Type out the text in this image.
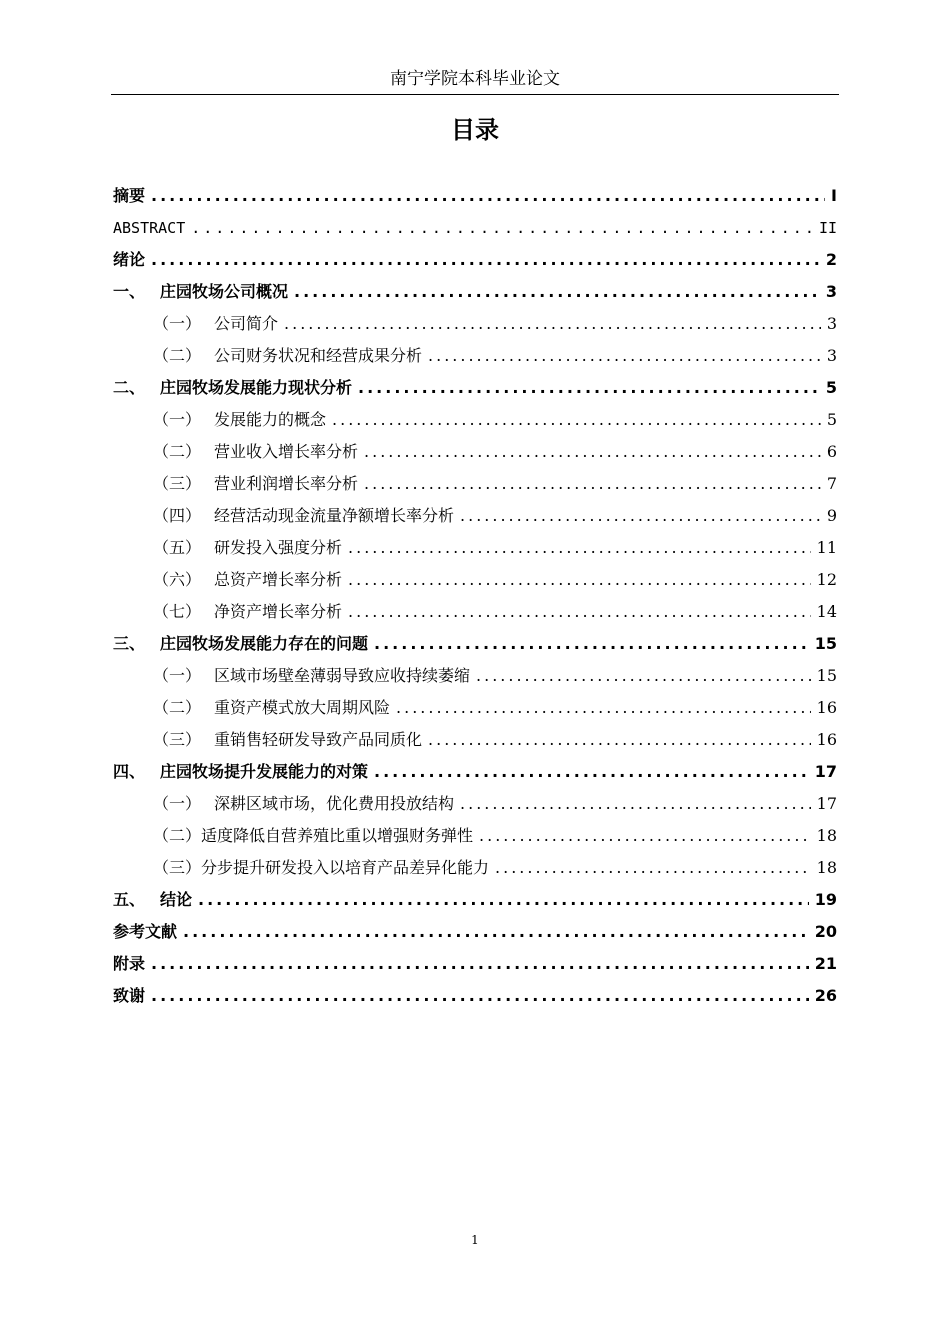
南宁学院本科毕业论文
目录
摘要 .....	I
ABSTRACT .....	II
绪论 .....	2
一、 庄园牧场公司概况 .....	3
（一） 公司简介 .....	3
（二） 公司财务状况和经营成果分析 .....	3
二、 庄园牧场发展能力现状分析 .....	5
（一） 发展能力的概念 .....	5
（二） 营业收入增长率分析 .....	6
（三） 营业利润增长率分析 .....	7
（四） 经营活动现金流量净额增长率分析 .....	9
（五） 研发投入强度分析 .....	11
（六） 总资产增长率分析 .....	12
（七） 净资产增长率分析 .....	14
三、 庄园牧场发展能力存在的问题 .....	15
（一） 区域市场壁垒薄弱导致应收持续萎缩 .....	15
（二） 重资产模式放大周期风险 .....	16
（三） 重销售轻研发导致产品同质化 .....	16
四、 庄园牧场提升发展能力的对策 .....	17
（一） 深耕区域市场，优化费用投放结构 .....	17
（二） 适度降低自营养殖比重以增强财务弹性 .....	18
（三） 分步提升研发投入以培育产品差异化能力 .....	18
五、 结论 .....	19
参考文献 .....	20
附录 .....	21
致谢 .....	26
1
